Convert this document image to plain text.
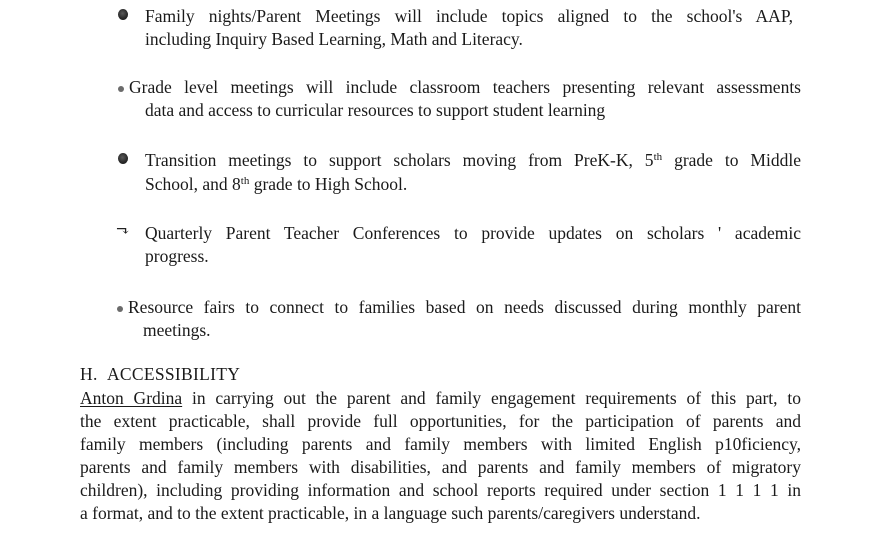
Family nights/Parent Meetings will include topics aligned to the school's AAP,
including Inquiry Based Learning, Math and Literacy.
Grade level meetings will include classroom teachers presenting relevant assessments
data and access to curricular resources to support student learning
Transition meetings to support scholars moving from PreK-K, 5th grade to Middle
School, and 8th grade to High School.
⬎ Quarterly Parent Teacher Conferences to provide updates on scholars ' academic
progress.
Resource fairs to connect to families based on needs discussed during monthly parent
meetings.
H. ACCESSIBILITY
Anton Grdina in carrying out the parent and family engagement requirements of this part, to
the extent practicable, shall provide full opportunities, for the participation of parents and
family members (including parents and family members with limited English p10ficiency,
parents and family members with disabilities, and parents and family members of migratory
children), including providing information and school reports required under section 1 1 1 1 in
a format, and to the extent practicable, in a language such parents/caregivers understand.
